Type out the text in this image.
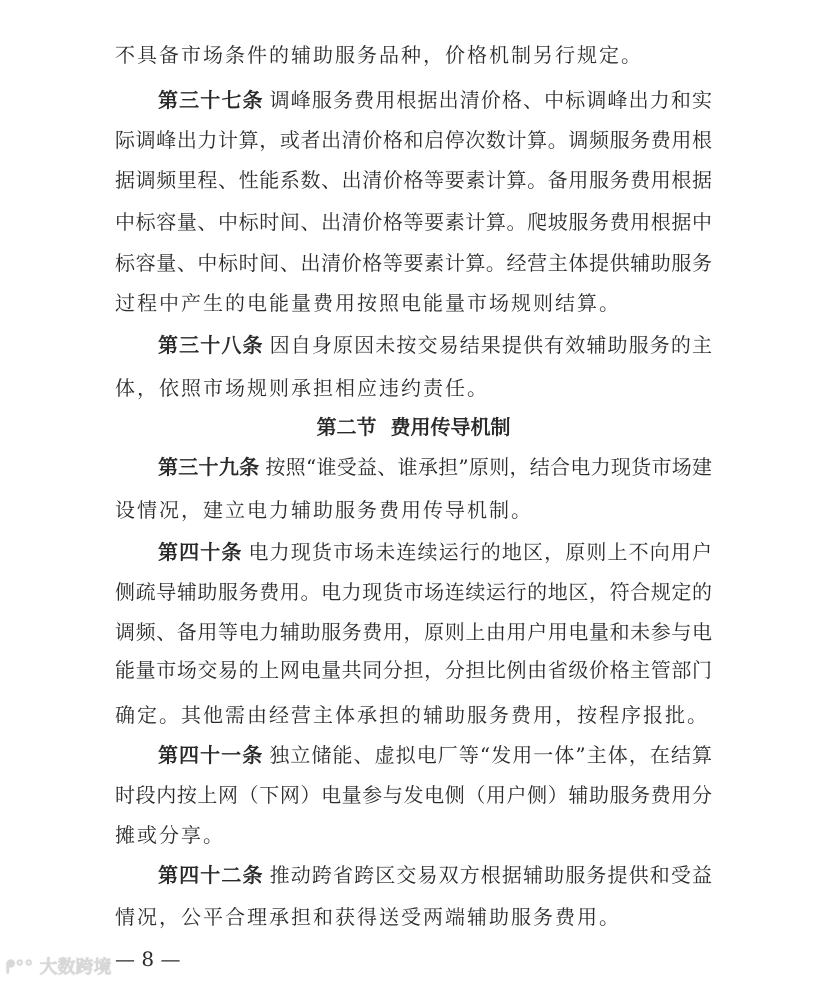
不具备市场条件的辅助服务品种，价格机制另行规定。
第三十七条 调峰服务费用根据出清价格、中标调峰出力和实
际调峰出力计算，或者出清价格和启停次数计算。调频服务费用根
据调频里程、性能系数、出清价格等要素计算。备用服务费用根据
中标容量、中标时间、出清价格等要素计算。爬坡服务费用根据中
标容量、中标时间、出清价格等要素计算。经营主体提供辅助服务
过程中产生的电能量费用按照电能量市场规则结算。
第三十八条 因自身原因未按交易结果提供有效辅助服务的主
体，依照市场规则承担相应违约责任。
第二节  费用传导机制
第三十九条 按照“谁受益、谁承担”原则，结合电力现货市场建
设情况，建立电力辅助服务费用传导机制。
第四十条 电力现货市场未连续运行的地区，原则上不向用户
侧疏导辅助服务费用。电力现货市场连续运行的地区，符合规定的
调频、备用等电力辅助服务费用，原则上由用户用电量和未参与电
能量市场交易的上网电量共同分担，分担比例由省级价格主管部门
确定。其他需由经营主体承担的辅助服务费用，按程序报批。
第四十一条 独立储能、虚拟电厂等“发用一体”主体，在结算
时段内按上网（下网）电量参与发电侧（用户侧）辅助服务费用分
摊或分享。
第四十二条 推动跨省跨区交易双方根据辅助服务提供和受益
情况，公平合理承担和获得送受两端辅助服务费用。
— 8 —
ᖰ°° 大数跨境
